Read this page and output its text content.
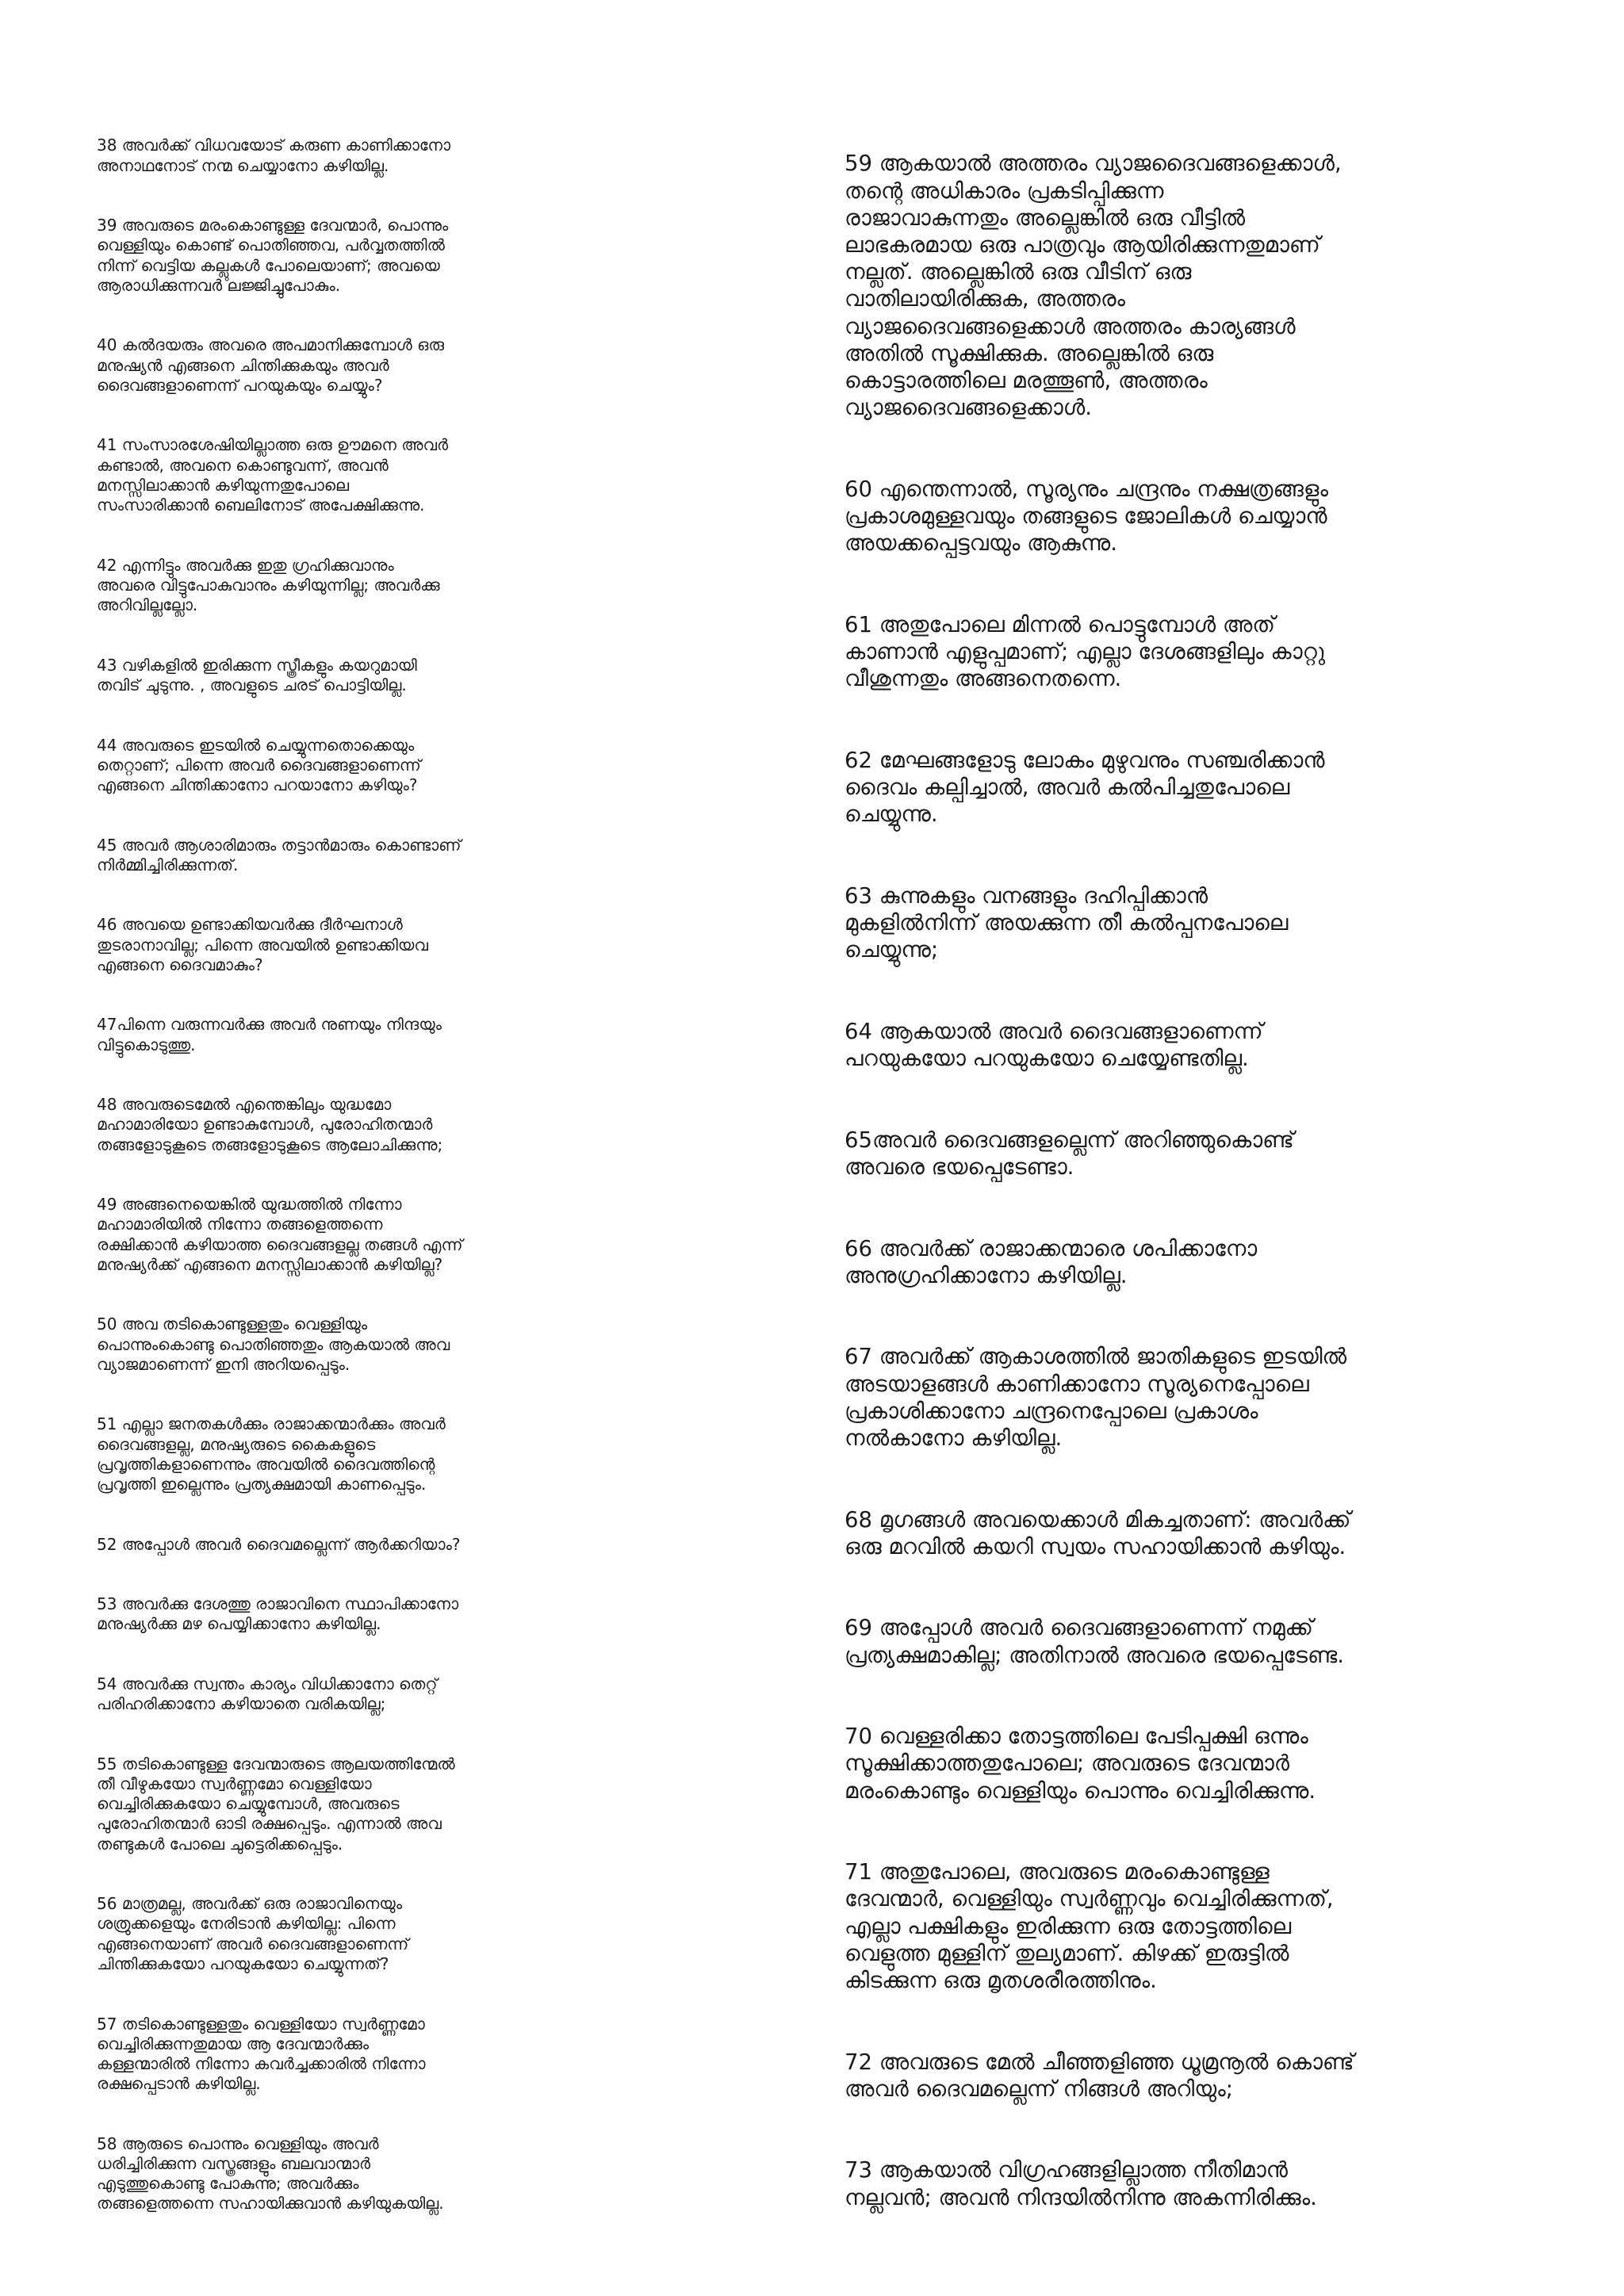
38 അവർക്ക് വിധവയോട് കരുണ കാണിക്കാനോ
അനാഥനോട് നന്മ ചെയ്യാനോ കഴിയില്ല.

39 അവരുടെ മരംകൊണ്ടുള്ള ദേവന്മാർ, പൊന്നും
വെള്ളിയും കൊണ്ട് പൊതിഞ്ഞവ, പർവ്വതത്തിൽ
നിന്ന് വെട്ടിയ കല്ലുകൾ പോലെയാണ്; അവയെ
ആരാധിക്കുന്നവർ ലജ്ജിച്ചുപോകും.

40 കൽദയരും അവരെ അപമാനിക്കുമ്പോൾ ഒരു
മനുഷ്യൻ എങ്ങനെ ചിന്തിക്കുകയും അവർ
ദൈവങ്ങളാണെന്ന് പറയുകയും ചെയ്യും?

41 സംസാരശേഷിയില്ലാത്ത ഒരു ഊമനെ അവർ
കണ്ടാൽ, അവനെ കൊണ്ടുവന്ന്, അവൻ
മനസ്സിലാക്കാൻ കഴിയുന്നതുപോലെ
സംസാരിക്കാൻ ബെലിനോട് അപേക്ഷിക്കുന്നു.

42 എന്നിട്ടും അവർക്കു ഇതു ഗ്രഹിക്കുവാനും
അവരെ വിട്ടുപോകുവാനും കഴിയുന്നില്ല; അവർക്കു
അറിവില്ലല്ലോ.

43 വഴികളിൽ ഇരിക്കുന്ന സ്ത്രീകളും കയറുമായി
തവിട് ചുടുന്നു. , അവളുടെ ചരട് പൊട്ടിയില്ല.

44 അവരുടെ ഇടയിൽ ചെയ്യുന്നതൊക്കെയും
തെറ്റാണ്; പിന്നെ അവർ ദൈവങ്ങളാണെന്ന്
എങ്ങനെ ചിന്തിക്കാനോ പറയാനോ കഴിയും?

45 അവർ ആശാരിമാരും തട്ടാൻമാരും കൊണ്ടാണ്
നിർമ്മിച്ചിരിക്കുന്നത്.

46 അവയെ ഉണ്ടാക്കിയവർക്കു ദീർഘനാൾ
തുടരാനാവില്ല; പിന്നെ അവയിൽ ഉണ്ടാക്കിയവ
എങ്ങനെ ദൈവമാകും?

47പിന്നെ വരുന്നവർക്കു അവർ നുണയും നിന്ദയും
വിട്ടുകൊടുത്തു.

48 അവരുടെമേൽ എന്തെങ്കിലും യുദ്ധമോ
മഹാമാരിയോ ഉണ്ടാകുമ്പോൾ, പുരോഹിതന്മാർ
തങ്ങളോടുകൂടെ തങ്ങളോടുകൂടെ ആലോചിക്കുന്നു;

49 അങ്ങനെയെങ്കിൽ യുദ്ധത്തിൽ നിന്നോ
മഹാമാരിയിൽ നിന്നോ തങ്ങളെത്തന്നെ
രക്ഷിക്കാൻ കഴിയാത്ത ദൈവങ്ങളല്ല തങ്ങൾ എന്ന്
മനുഷ്യർക്ക് എങ്ങനെ മനസ്സിലാക്കാൻ കഴിയില്ല?

50 അവ തടികൊണ്ടുള്ളതും വെള്ളിയും
പൊന്നുംകൊണ്ടു പൊതിഞ്ഞതും ആകയാൽ അവ
വ്യാജമാണെന്ന് ഇനി അറിയപ്പെടും.

51 എല്ലാ ജനതകൾക്കും രാജാക്കന്മാർക്കും അവർ
ദൈവങ്ങളല്ല, മനുഷ്യരുടെ കൈകളുടെ
പ്രവൃത്തികളാണെന്നും അവയിൽ ദൈവത്തിന്റെ
പ്രവൃത്തി ഇല്ലെന്നും പ്രത്യക്ഷമായി കാണപ്പെടും.

52 അപ്പോൾ അവർ ദൈവമല്ലെന്ന് ആർക്കറിയാം?

53 അവർക്കു ദേശത്തു രാജാവിനെ സ്ഥാപിക്കാനോ
മനുഷ്യർക്കു മഴ പെയ്യിക്കാനോ കഴിയില്ല.

54 അവർക്കു സ്വന്തം കാര്യം വിധിക്കാനോ തെറ്റ്
പരിഹരിക്കാനോ കഴിയാതെ വരികയില്ല;

55 തടികൊണ്ടുള്ള ദേവന്മാരുടെ ആലയത്തിന്മേൽ
തീ വീഴുകയോ സ്വർണ്ണമോ വെള്ളിയോ
വെച്ചിരിക്കുകയോ ചെയ്യുമ്പോൾ, അവരുടെ
പുരോഹിതന്മാർ ഓടി രക്ഷപ്പെടും. എന്നാൽ അവ
തണ്ടുകൾ പോലെ ചുട്ടെരിക്കപ്പെടും.

56 മാത്രമല്ല, അവർക്ക് ഒരു രാജാവിനെയും
ശത്രുക്കളെയും നേരിടാൻ കഴിയില്ല: പിന്നെ
എങ്ങനെയാണ് അവർ ദൈവങ്ങളാണെന്ന്
ചിന്തിക്കുകയോ പറയുകയോ ചെയ്യുന്നത്?

57 തടികൊണ്ടുള്ളതും വെള്ളിയോ സ്വർണ്ണമോ
വെച്ചിരിക്കുന്നതുമായ ആ ദേവന്മാർക്കും
കള്ളന്മാരിൽ നിന്നോ കവർച്ചക്കാരിൽ നിന്നോ
രക്ഷപ്പെടാൻ കഴിയില്ല.

58 ആരുടെ പൊന്നും വെള്ളിയും അവർ
ധരിച്ചിരിക്കുന്ന വസ്ത്രങ്ങളും ബലവാന്മാർ
എടുത്തുകൊണ്ടു പോകുന്നു; അവർക്കും
തങ്ങളെത്തന്നെ സഹായിക്കുവാൻ കഴിയുകയില്ല.

59 ആകയാൽ അത്തരം വ്യാജദൈവങ്ങളെക്കാൾ,
തന്റെ അധികാരം പ്രകടിപ്പിക്കുന്ന
രാജാവാകുന്നതും അല്ലെങ്കിൽ ഒരു വീട്ടിൽ
ലാഭകരമായ ഒരു പാത്രവും ആയിരിക്കുന്നതുമാണ്
നല്ലത്. അല്ലെങ്കിൽ ഒരു വീടിന് ഒരു
വാതിലായിരിക്കുക, അത്തരം
വ്യാജദൈവങ്ങളെക്കാൾ അത്തരം കാര്യങ്ങൾ
അതിൽ സൂക്ഷിക്കുക. അല്ലെങ്കിൽ ഒരു
കൊട്ടാരത്തിലെ മരത്തൂൺ, അത്തരം
വ്യാജദൈവങ്ങളെക്കാൾ.

60 എന്തെന്നാൽ, സൂര്യനും ചന്ദ്രനും നക്ഷത്രങ്ങളും
പ്രകാശമുള്ളവയും തങ്ങളുടെ ജോലികൾ ചെയ്യാൻ
അയക്കപ്പെട്ടവയും ആകുന്നു.

61 അതുപോലെ മിന്നൽ പൊട്ടുമ്പോൾ അത്
കാണാൻ എളുപ്പമാണ്; എല്ലാ ദേശങ്ങളിലും കാറ്റു
വീശുന്നതും അങ്ങനെതന്നെ.

62 മേഘങ്ങളോടു ലോകം മുഴുവനും സഞ്ചരിക്കാൻ
ദൈവം കല്പിച്ചാൽ, അവർ കൽപിച്ചതുപോലെ
ചെയ്യുന്നു.

63 കുന്നുകളും വനങ്ങളും ദഹിപ്പിക്കാൻ
മുകളിൽനിന്ന് അയക്കുന്ന തീ കൽപ്പനപോലെ
ചെയ്യുന്നു;

64 ആകയാൽ അവർ ദൈവങ്ങളാണെന്ന്
പറയുകയോ പറയുകയോ ചെയ്യേണ്ടതില്ല.

65അവർ ദൈവങ്ങളല്ലെന്ന് അറിഞ്ഞുകൊണ്ട്
അവരെ ഭയപ്പെടേണ്ടാ.

66 അവർക്ക് രാജാക്കന്മാരെ ശപിക്കാനോ
അനുഗ്രഹിക്കാനോ കഴിയില്ല.

67 അവർക്ക് ആകാശത്തിൽ ജാതികളുടെ ഇടയിൽ
അടയാളങ്ങൾ കാണിക്കാനോ സൂര്യനെപ്പോലെ
പ്രകാശിക്കാനോ ചന്ദ്രനെപ്പോലെ പ്രകാശം
നൽകാനോ കഴിയില്ല.

68 മൃഗങ്ങൾ അവയെക്കാൾ മികച്ചതാണ്: അവർക്ക്
ഒരു മറവിൽ കയറി സ്വയം സഹായിക്കാൻ കഴിയും.

69 അപ്പോൾ അവർ ദൈവങ്ങളാണെന്ന് നമുക്ക്
പ്രത്യക്ഷമാകില്ല; അതിനാൽ അവരെ ഭയപ്പെടേണ്ട.

70 വെള്ളരിക്കാ തോട്ടത്തിലെ പേടിപ്പക്ഷി ഒന്നും
സൂക്ഷിക്കാത്തതുപോലെ; അവരുടെ ദേവന്മാർ
മരംകൊണ്ടും വെള്ളിയും പൊന്നും വെച്ചിരിക്കുന്നു.

71 അതുപോലെ, അവരുടെ മരംകൊണ്ടുള്ള
ദേവന്മാർ, വെള്ളിയും സ്വർണ്ണവും വെച്ചിരിക്കുന്നത്,
എല്ലാ പക്ഷികളും ഇരിക്കുന്ന ഒരു തോട്ടത്തിലെ
വെളുത്ത മുള്ളിന് തുല്യമാണ്. കിഴക്ക് ഇരുട്ടിൽ
കിടക്കുന്ന ഒരു മൃതശരീരത്തിനും.

72 അവരുടെ മേൽ ചീഞ്ഞളിഞ്ഞ ധൂമ്രനൂൽ കൊണ്ട്
അവർ ദൈവമല്ലെന്ന് നിങ്ങൾ അറിയും;

73 ആകയാൽ വിഗ്രഹങ്ങളില്ലാത്ത നീതിമാൻ
നല്ലവൻ; അവൻ നിന്ദയിൽനിന്നു അകന്നിരിക്കും.
